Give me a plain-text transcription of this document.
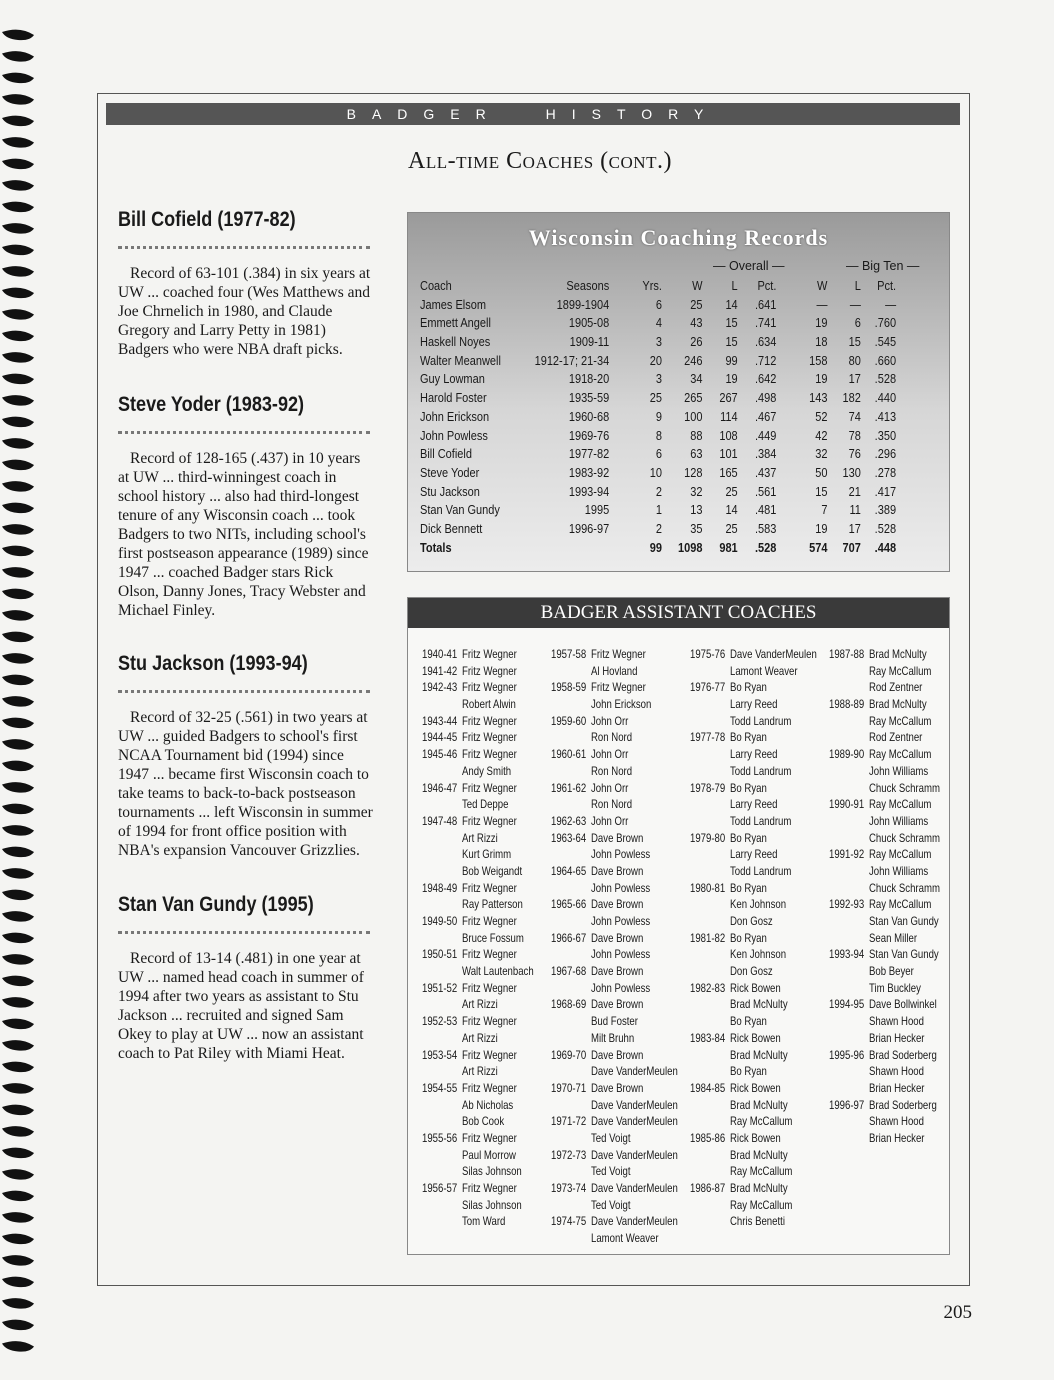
BADGER HISTORY
All-time Coaches (cont.)
Bill Cofield (1977-82)

Record of 63-101 (.384) in six years at UW ... coached four (Wes Matthews and Joe Chrnelich in 1980, and Claude Gregory and Larry Petty in 1981) Badgers who were NBA draft picks.

Steve Yoder (1983-92)

Record of 128-165 (.437) in 10 years at UW ... third-winningest coach in school history ... also had third-longest tenure of any Wisconsin coach ... took Badgers to two NITs, including school's first postseason appearance (1989) since 1947 ... coached Badger stars Rick Olson, Danny Jones, Tracy Webster and Michael Finley.

Stu Jackson (1993-94)

Record of 32-25 (.561) in two years at UW ... guided Badgers to school's first NCAA Tournament bid (1994) since 1947 ... became first Wisconsin coach to take teams to back-to-back postseason tournaments ... left Wisconsin in summer of 1994 for front office position with NBA's expansion Vancouver Grizzlies.

Stan Van Gundy (1995)

Record of 13-14 (.481) in one year at UW ... named head coach in summer of 1994 after two years as assistant to Stu Jackson ... recruited and signed Sam Okey to play at UW ... now an assistant coach to Pat Riley with Miami Heat.

Wisconsin Coaching Records
— Overall —	— Big Ten —
Coach	Seasons	Yrs.	W	L	Pct.	W	L	Pct.
James Elsom	1899-1904	6	25	14	.641	—	—	—
Emmett Angell	1905-08	4	43	15	.741	19	6	.760
Haskell Noyes	1909-11	3	26	15	.634	18	15	.545
Walter Meanwell	1912-17; 21-34	20	246	99	.712	158	80	.660
Guy Lowman	1918-20	3	34	19	.642	19	17	.528
Harold Foster	1935-59	25	265	267	.498	143	182	.440
John Erickson	1960-68	9	100	114	.467	52	74	.413
John Powless	1969-76	8	88	108	.449	42	78	.350
Bill Cofield	1977-82	6	63	101	.384	32	76	.296
Steve Yoder	1983-92	10	128	165	.437	50	130	.278
Stu Jackson	1993-94	2	32	25	.561	15	21	.417
Stan Van Gundy	1995	1	13	14	.481	7	11	.389
Dick Bennett	1996-97	2	35	25	.583	19	17	.528
Totals	99	1098	981	.528	574	707	.448
BADGER ASSISTANT COACHES
1940-41 Fritz Wegner
1941-42 Fritz Wegner
1942-43 Fritz Wegner
Robert Alwin
1943-44 Fritz Wegner
1944-45 Fritz Wegner
1945-46 Fritz Wegner
Andy Smith
1946-47 Fritz Wegner
Ted Deppe
1947-48 Fritz Wegner
Art Rizzi
Kurt Grimm
Bob Weigandt
1948-49 Fritz Wegner
Ray Patterson
1949-50 Fritz Wegner
Bruce Fossum
1950-51 Fritz Wegner
Walt Lautenbach
1951-52 Fritz Wegner
Art Rizzi
1952-53 Fritz Wegner
Art Rizzi
1953-54 Fritz Wegner
Art Rizzi
1954-55 Fritz Wegner
Ab Nicholas
Bob Cook
1955-56 Fritz Wegner
Paul Morrow
Silas Johnson
1956-57 Fritz Wegner
Silas Johnson
Tom Ward
1957-58 Fritz Wegner
Al Hovland
1958-59 Fritz Wegner
John Erickson
1959-60 John Orr
Ron Nord
1960-61 John Orr
Ron Nord
1961-62 John Orr
Ron Nord
1962-63 John Orr
1963-64 Dave Brown
John Powless
1964-65 Dave Brown
John Powless
1965-66 Dave Brown
John Powless
1966-67 Dave Brown
John Powless
1967-68 Dave Brown
John Powless
1968-69 Dave Brown
Bud Foster
Milt Bruhn
1969-70 Dave Brown
Dave VanderMeulen
1970-71 Dave Brown
Dave VanderMeulen
1971-72 Dave VanderMeulen
Ted Voigt
1972-73 Dave VanderMeulen
Ted Voigt
1973-74 Dave VanderMeulen
Ted Voigt
1974-75 Dave VanderMeulen
Lamont Weaver
1975-76 Dave VanderMeulen
Lamont Weaver
1976-77 Bo Ryan
Larry Reed
Todd Landrum
1977-78 Bo Ryan
Larry Reed
Todd Landrum
1978-79 Bo Ryan
Larry Reed
Todd Landrum
1979-80 Bo Ryan
Larry Reed
Todd Landrum
1980-81 Bo Ryan
Ken Johnson
Don Gosz
1981-82 Bo Ryan
Ken Johnson
Don Gosz
1982-83 Rick Bowen
Brad McNulty
Bo Ryan
1983-84 Rick Bowen
Brad McNulty
Bo Ryan
1984-85 Rick Bowen
Brad McNulty
Ray McCallum
1985-86 Rick Bowen
Brad McNulty
Ray McCallum
1986-87 Brad McNulty
Ray McCallum
Chris Benetti
1987-88 Brad McNulty
Ray McCallum
Rod Zentner
1988-89 Brad McNulty
Ray McCallum
Rod Zentner
1989-90 Ray McCallum
John Williams
Chuck Schramm
1990-91 Ray McCallum
John Williams
Chuck Schramm
1991-92 Ray McCallum
John Williams
Chuck Schramm
1992-93 Ray McCallum
Stan Van Gundy
Sean Miller
1993-94 Stan Van Gundy
Bob Beyer
Tim Buckley
1994-95 Dave Bollwinkel
Shawn Hood
Brian Hecker
1995-96 Brad Soderberg
Shawn Hood
Brian Hecker
1996-97 Brad Soderberg
Shawn Hood
Brian Hecker
205
